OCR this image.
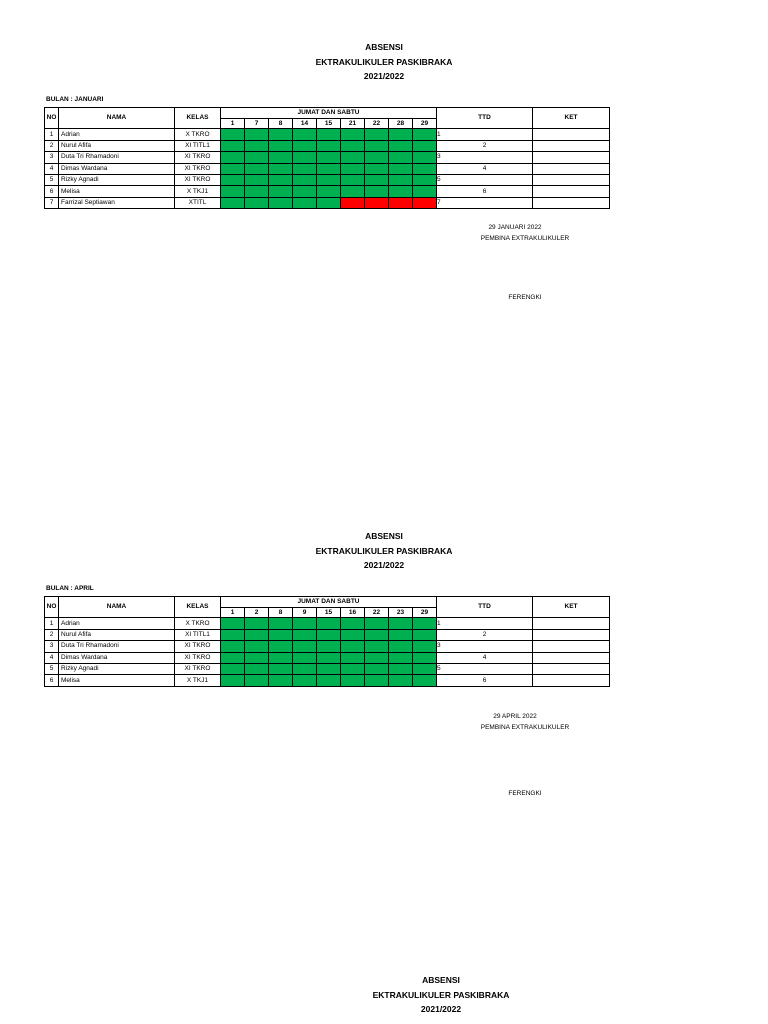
ABSENSI
EKTRAKULIKULER PASKIBRAKA
2021/2022
BULAN : JANUARI
NO	NAMA	KELAS	JUMAT DAN SABTU									TTD	KET
			1	7	8	14	15	21	22	28	29		
1	Adrian	X TKRO										1	
2	Nurul Afifa	XI TITL1										2	
3	Duta Tri Rhamadoni	XI TKRO										3	
4	Dimas Wardana	XI TKRO										4	
5	Rizky Agnadi	XI TKRO										5	
6	Melisa	X TKJ1										6	
7	Farrizal Septiawan	XTITL										7	
29 JANUARI 2022
PEMBINA EXTRAKULIKULER
FERENGKI
ABSENSI
EKTRAKULIKULER PASKIBRAKA
2021/2022
BULAN : APRIL
NO	NAMA	KELAS	JUMAT DAN SABTU									TTD	KET
			1	2	8	9	15	16	22	23	29		
1	Adrian	X TKRO										1	
2	Nurul Afifa	XI TITL1										2	
3	Duta Tri Rhamadoni	XI TKRO										3	
4	Dimas Wardana	XI TKRO										4	
5	Rizky Agnadi	XI TKRO										5	
6	Melisa	X TKJ1										6	
29 APRIL 2022
PEMBINA EXTRAKULIKULER
FERENGKI
ABSENSI
EKTRAKULIKULER PASKIBRAKA
2021/2022
